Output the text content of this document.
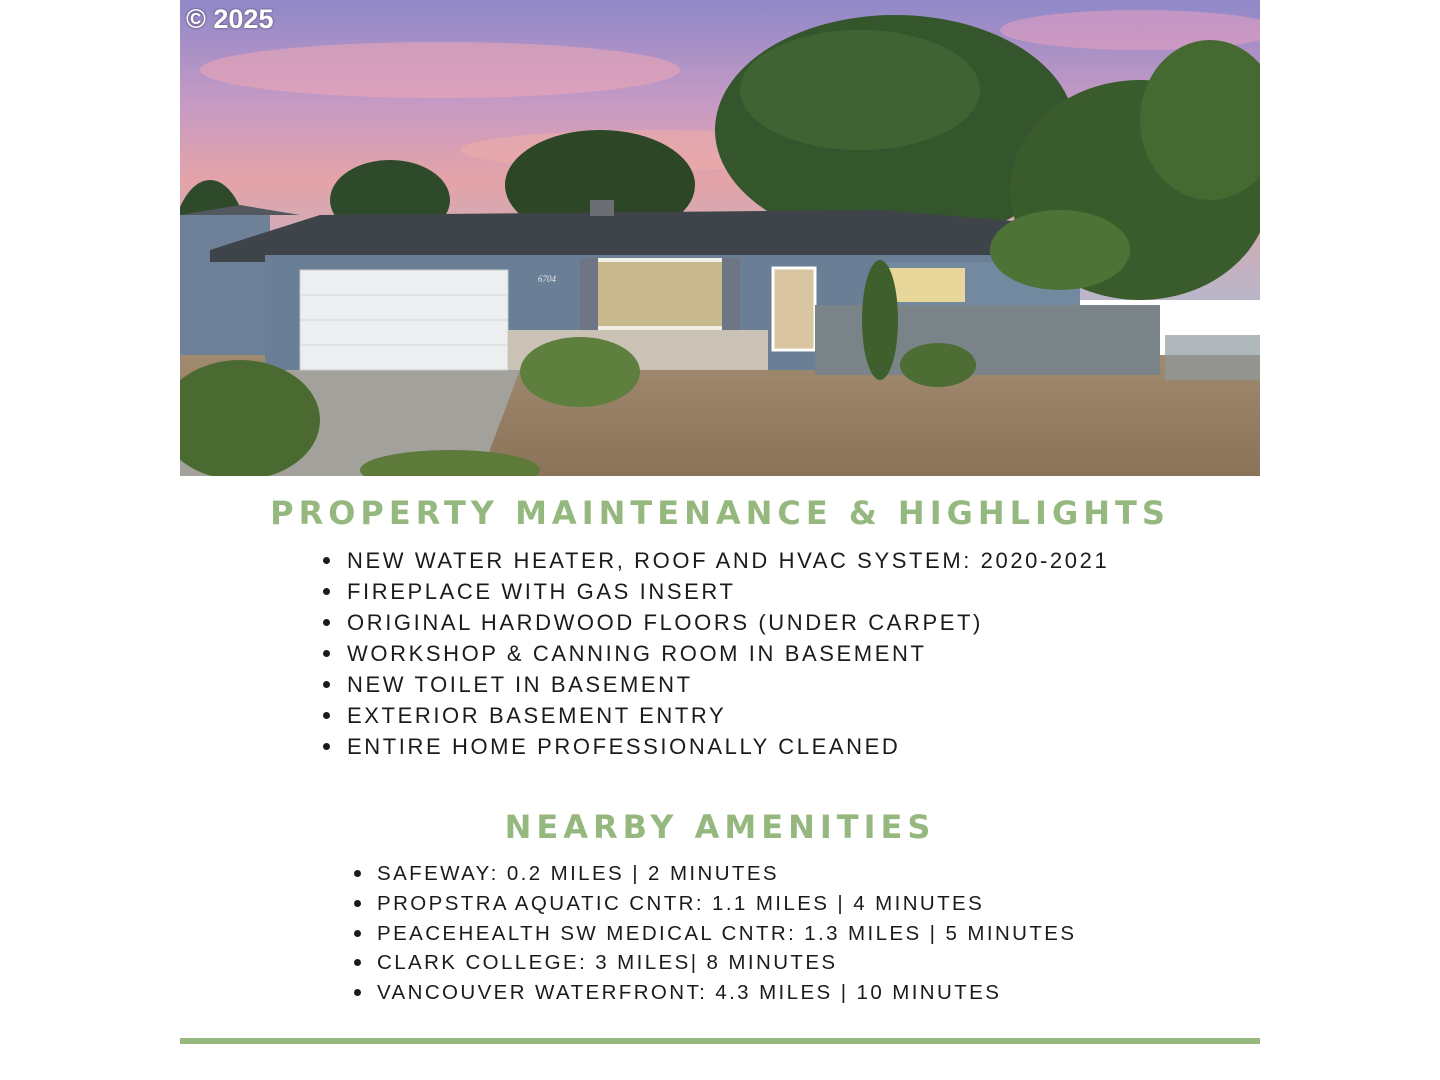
6704
© 2025
PROPERTY MAINTENANCE & HIGHLIGHTS
NEW WATER HEATER, ROOF AND HVAC SYSTEM: 2020-2021
FIREPLACE WITH GAS INSERT
ORIGINAL HARDWOOD FLOORS (UNDER CARPET)
WORKSHOP & CANNING ROOM IN BASEMENT
NEW TOILET IN BASEMENT
EXTERIOR BASEMENT ENTRY
ENTIRE HOME PROFESSIONALLY CLEANED
NEARBY AMENITIES
SAFEWAY: 0.2 MILES | 2 MINUTES
PROPSTRA AQUATIC CNTR: 1.1 MILES | 4 MINUTES
PEACEHEALTH SW MEDICAL CNTR: 1.3 MILES | 5 MINUTES
CLARK COLLEGE: 3 MILES| 8 MINUTES
VANCOUVER WATERFRONT: 4.3 MILES | 10 MINUTES
